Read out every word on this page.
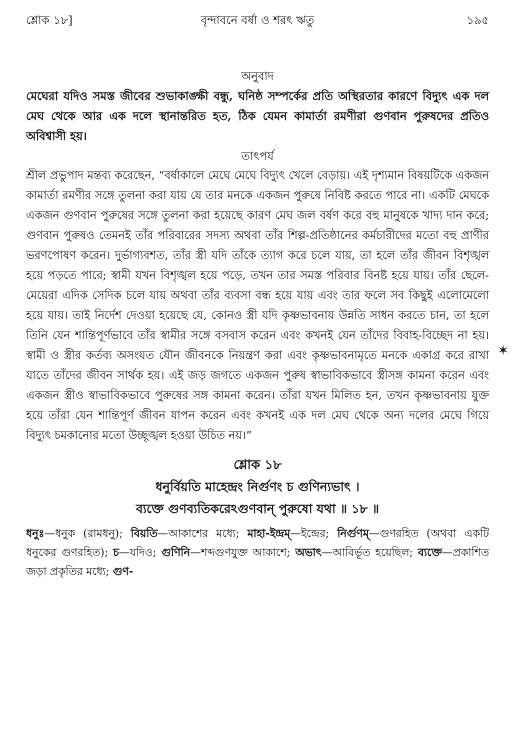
শ্লোক ১৮]	বৃন্দাবনে বর্ষা ও শরৎ ঋতু	১৯৫

অনুবাদ

মেঘেরা যদিও সমস্ত জীবের শুভাকাঙ্ক্ষী বন্ধু, ঘনিষ্ঠ সম্পর্কের প্রতি অস্থিরতার কারণে বিদ্যুৎ এক দল মেঘ থেকে আর এক দলে স্থানান্তরিত হত, ঠিক যেমন কামার্তা রমণীরা গুণবান পুরুষদের প্রতিও অবিশ্বাসী হয়।

তাৎপর্য

শ্রীল প্রভুপাদ মন্তব্য করেছেন, “বর্ষাকালে মেঘে মেঘে বিদ্যুৎ খেলে বেড়ায়। এই দৃশ্যমান বিষয়টিকে একজন কামার্তা রমণীর সঙ্গে তুলনা করা যায় যে তার মনকে একজন পুরুষে নিবিষ্ট করতে পারে না। একটি মেঘকে একজন গুণবান পুরুষের সঙ্গে তুলনা করা হয়েছে কারণ মেঘ জল বর্ষণ করে বহু মানুষকে খাদ্য দান করে; গুণবান পুরুষও তেমনই তাঁর পরিবারের সদস্য অথবা তাঁর শিল্প-প্রতিষ্ঠানের কর্মচারীদের মতো বহু প্রাণীর ভরণপোষণ করেন। দুর্ভাগ্যবশত, তাঁর স্ত্রী যদি তাঁকে ত্যাগ করে চলে যায়, তা হলে তাঁর জীবন বিশৃঙ্খল হয়ে পড়তে পারে; স্বামী যখন বিশৃঙ্খল হয়ে পড়ে, তখন তার সমস্ত পরিবার বিনষ্ট হয়ে যায়। তাঁর ছেলে-মেয়েরা এদিক সেদিক চলে যায় অথবা তাঁর ব্যবসা বন্ধ হয়ে যায় এবং তার ফলে সব কিছুই এলোমেলো হয়ে যায়। তাই নির্দেশ দেওয়া হয়েছে যে, কোনও স্ত্রী যদি কৃষ্ণভাবনায় উন্নতি সাধন করতে চান, তা হলে তিনি যেন শান্তিপূর্ণভাবে তাঁর স্বামীর সঙ্গে বসবাস করেন এবং কখনই যেন তাঁদের বিবাহ-বিচ্ছেদ না হয়। স্বামী ও স্ত্রীর কর্তব্য অসংযত যৌন জীবনকে নিয়ন্ত্রণ করা এবং কৃষ্ণভাবনামৃতে মনকে একাগ্র করে রাখা যাতে তাঁদের জীবন সার্থক হয়। এই জড় জগতে একজন পুরুষ স্বাভাবিকভাবে স্ত্রীসঙ্গ কামনা করেন এবং একজন স্ত্রীও স্বাভাবিকভাবে পুরুষের সঙ্গ কামনা করেন। তাঁরা যখন মিলিত হন, তখন কৃষ্ণভাবনায় যুক্ত হয়ে তাঁরা যেন শান্তিপূর্ণ জীবন যাপন করেন এবং কখনই এক দল মেঘ থেকে অন্য দলের মেঘে গিয়ে বিদ্যুৎ চমকানোর মতো উচ্ছৃঙ্খল হওয়া উচিত নয়।”

শ্লোক ১৮

ধনুর্বিয়তি মাহেন্দ্রং নির্গুণং চ গুণিন্যভাৎ ।

ব্যক্তে গুণব্যতিকরেঽগুণবান্ পুরুষো যথা ॥ ১৮ ॥

ধনুঃ—ধনুক (রামধনু); বিয়তি—আকাশের মধ্যে; মাহা-ইন্দ্রম্—ইন্দ্রের; নির্গুণম্—গুণরহিত (অথবা একটি ধনুকের গুণরহিত); চ—যদিও; গুণিনি—শব্দগুণযুক্ত আকাশে; অভাৎ—আবির্ভূত হয়েছিল; ব্যক্তে—প্রকাশিত জড়া প্রকৃতির মধ্যে; গুণ-

✶
